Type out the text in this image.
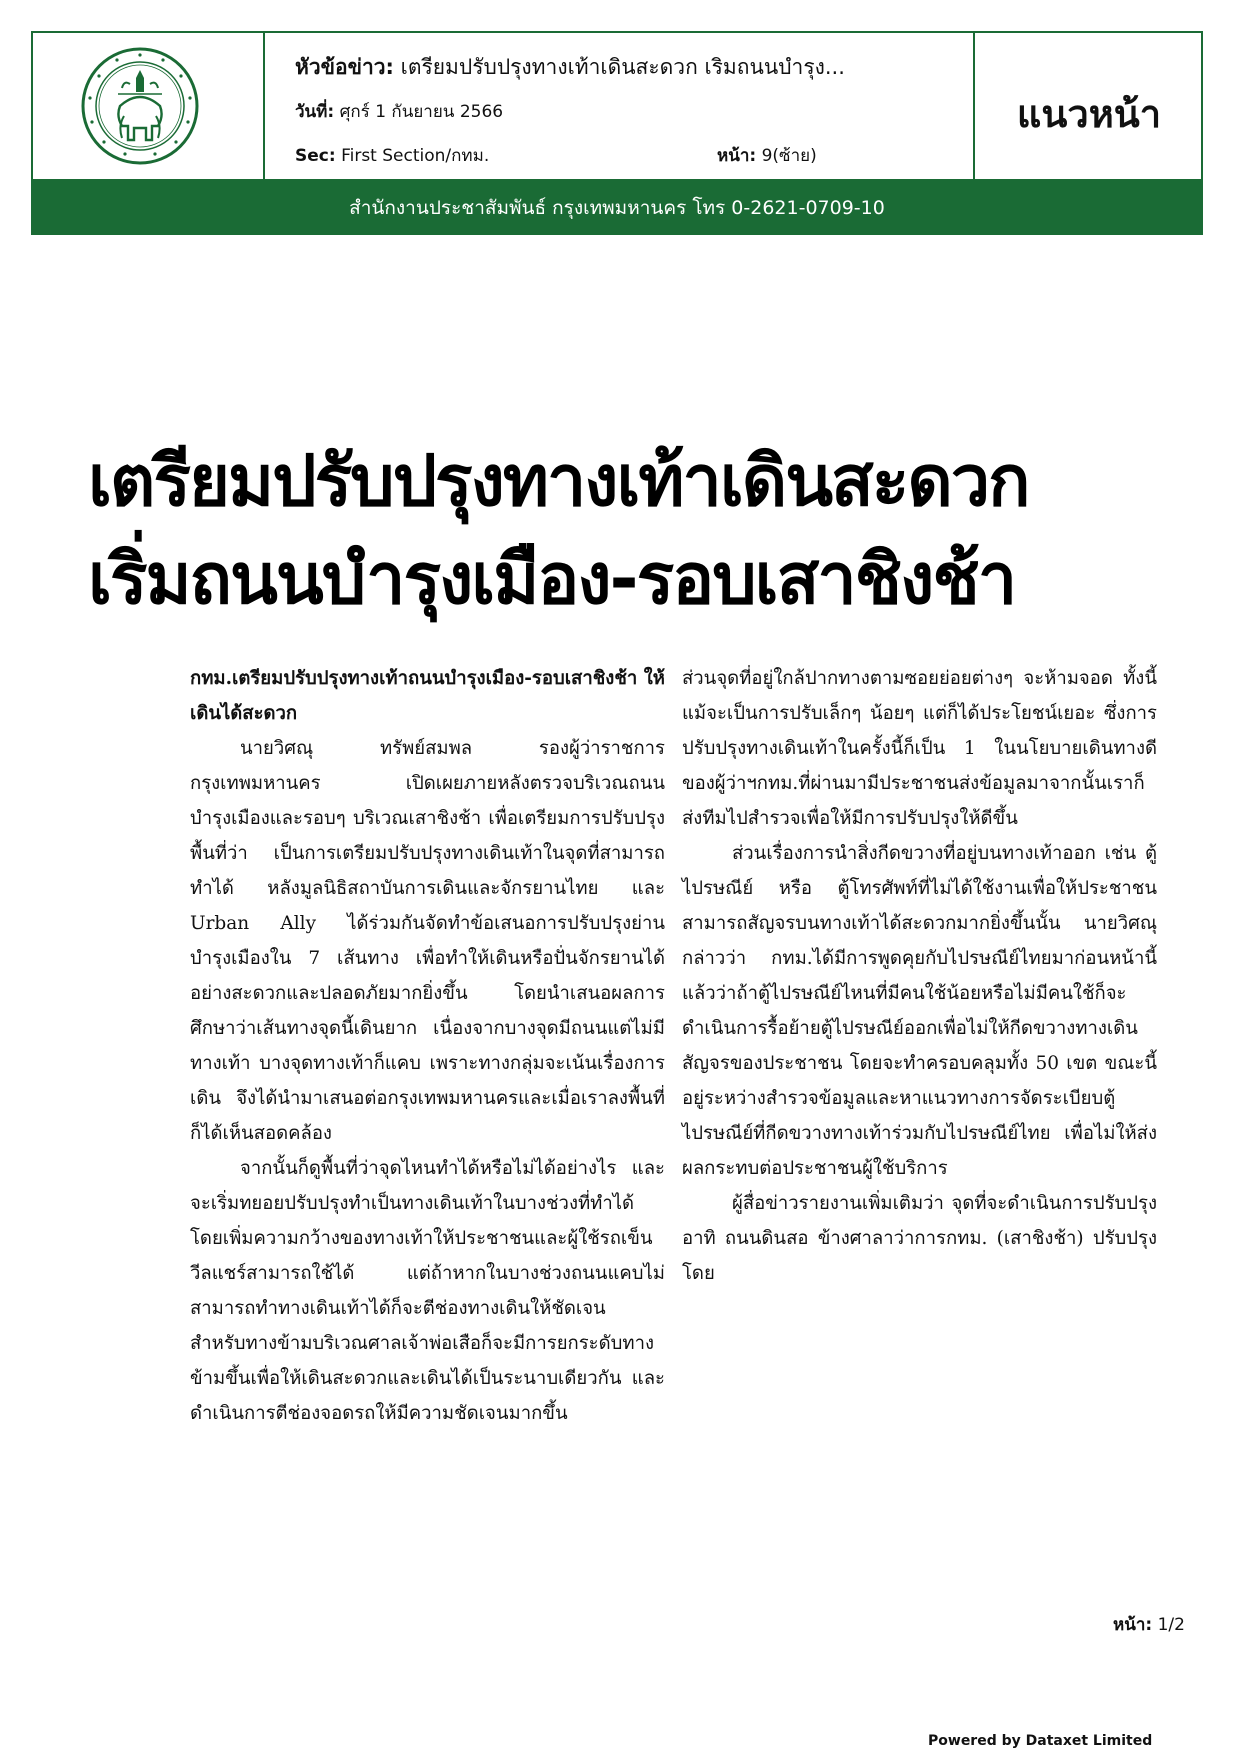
หัวข้อข่าว: เตรียมปรับปรุงทางเท้าเดินสะดวก เริมถนนบำรุง...
วันที่: ศุกร์ 1 กันยายน 2566
Sec: First Section/กทม.	หน้า: 9(ซ้าย)
แนวหน้า
สำนักงานประชาสัมพันธ์ กรุงเทพมหานคร โทร 0-2621-0709-10
เตรียมปรับปรุงทางเท้าเดินสะดวก
เริ่มถนนบำรุงเมือง-รอบเสาชิงช้า

กทม.เตรียมปรับปรุงทางเท้าถนนบำรุงเมือง-รอบเสาชิงช้า ให้เดินได้สะดวก

นายวิศณุ ทรัพย์สมพล รองผู้ว่าราชการกรุงเทพมหานคร เปิดเผยภายหลังตรวจบริเวณถนนบำรุงเมืองและรอบๆ บริเวณเสาชิงช้า เพื่อเตรียมการปรับปรุงพื้นที่ว่า เป็นการเตรียมปรับปรุงทางเดินเท้าในจุดที่สามารถทำได้ หลังมูลนิธิสถาบันการเดินและจักรยานไทย และ Urban Ally ได้ร่วมกันจัดทำข้อเสนอการปรับปรุงย่านบำรุงเมืองใน 7 เส้นทาง เพื่อทำให้เดินหรือปั่นจักรยานได้อย่างสะดวกและปลอดภัยมากยิ่งขึ้น โดยนำเสนอผลการศึกษาว่าเส้นทางจุดนี้เดินยาก เนื่องจากบางจุดมีถนนแต่ไม่มีทางเท้า บางจุดทางเท้าก็แคบ เพราะทางกลุ่มจะเน้นเรื่องการเดิน จึงได้นำมาเสนอต่อกรุงเทพมหานครและเมื่อเราลงพื้นที่ก็ได้เห็นสอดคล้อง

จากนั้นก็ดูพื้นที่ว่าจุดไหนทำได้หรือไม่ได้อย่างไร และจะเริ่มทยอยปรับปรุงทำเป็นทางเดินเท้าในบางช่วงที่ทำได้ โดยเพิ่มความกว้างของทางเท้าให้ประชาชนและผู้ใช้รถเข็นวีลแชร์สามารถใช้ได้ แต่ถ้าหากในบางช่วงถนนแคบไม่สามารถทำทางเดินเท้าได้ก็จะตีช่องทางเดินให้ชัดเจน สำหรับทางข้ามบริเวณศาลเจ้าพ่อเสือก็จะมีการยกระดับทางข้ามขึ้นเพื่อให้เดินสะดวกและเดินได้เป็นระนาบเดียวกัน และดำเนินการตีช่องจอดรถให้มีความชัดเจนมากขึ้น

ส่วนจุดที่อยู่ใกล้ปากทางตามซอยย่อยต่างๆ จะห้ามจอด ทั้งนี้แม้จะเป็นการปรับเล็กๆ น้อยๆ แต่ก็ได้ประโยชน์เยอะ ซึ่งการปรับปรุงทางเดินเท้าในครั้งนี้ก็เป็น 1 ในนโยบายเดินทางดีของผู้ว่าฯกทม.ที่ผ่านมามีประชาชนส่งข้อมูลมาจากนั้นเราก็ส่งทีมไปสำรวจเพื่อให้มีการปรับปรุงให้ดีขึ้น

ส่วนเรื่องการนำสิ่งกีดขวางที่อยู่บนทางเท้าออก เช่น ตู้ไปรษณีย์ หรือ ตู้โทรศัพท์ที่ไม่ได้ใช้งานเพื่อให้ประชาชนสามารถสัญจรบนทางเท้าได้สะดวกมากยิ่งขึ้นนั้น นายวิศณุกล่าวว่า กทม.ได้มีการพูดคุยกับไปรษณีย์ไทยมาก่อนหน้านี้แล้วว่าถ้าตู้ไปรษณีย์ไหนที่มีคนใช้น้อยหรือไม่มีคนใช้ก็จะดำเนินการรื้อย้ายตู้ไปรษณีย์ออกเพื่อไม่ให้กีดขวางทางเดินสัญจรของประชาชน โดยจะทำครอบคลุมทั้ง 50 เขต ขณะนี้อยู่ระหว่างสำรวจข้อมูลและหาแนวทางการจัดระเบียบตู้ไปรษณีย์ที่กีดขวางทางเท้าร่วมกับไปรษณีย์ไทย เพื่อไม่ให้ส่งผลกระทบต่อประชาชนผู้ใช้บริการ

ผู้สื่อข่าวรายงานเพิ่มเติมว่า จุดที่จะดำเนินการปรับปรุง อาทิ ถนนดินสอ ข้างศาลาว่าการกทม. (เสาชิงช้า) ปรับปรุงโดย

หน้า: 1/2
Powered by Dataxet Limited
